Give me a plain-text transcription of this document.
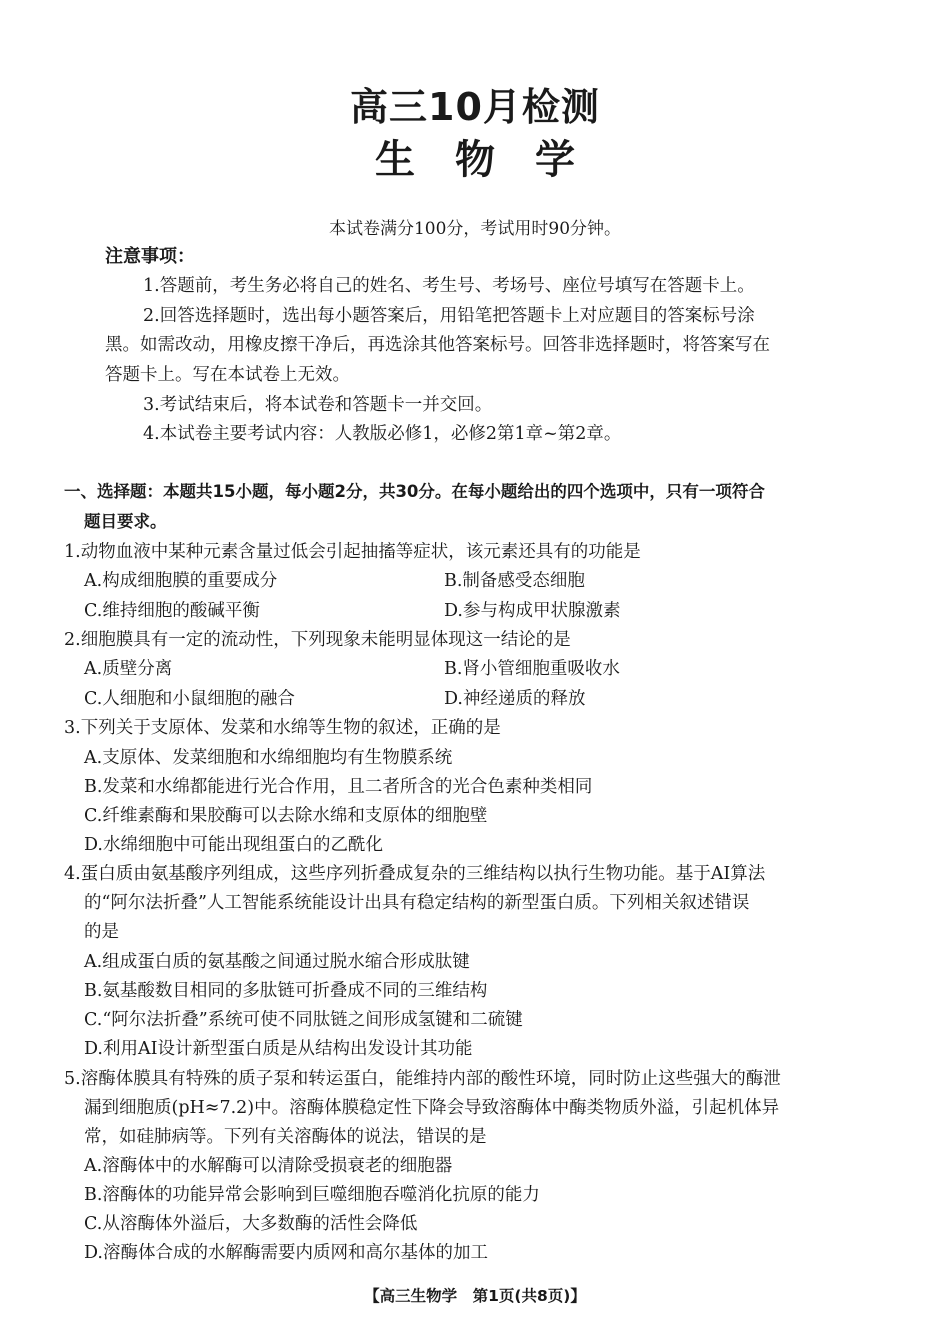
高三10月检测
生物学
本试卷满分100分，考试用时90分钟。
注意事项：
1.答题前，考生务必将自己的姓名、考生号、考场号、座位号填写在答题卡上。
2.回答选择题时，选出每小题答案后，用铅笔把答题卡上对应题目的答案标号涂
黑。如需改动，用橡皮擦干净后，再选涂其他答案标号。回答非选择题时，将答案写在
答题卡上。写在本试卷上无效。
3.考试结束后，将本试卷和答题卡一并交回。
4.本试卷主要考试内容：人教版必修1，必修2第1章~第2章。
一、选择题：本题共15小题，每小题2分，共30分。在每小题给出的四个选项中，只有一项符合
题目要求。
1.动物血液中某种元素含量过低会引起抽搐等症状，该元素还具有的功能是
A.构成细胞膜的重要成分	B.制备感受态细胞
C.维持细胞的酸碱平衡	D.参与构成甲状腺激素
2.细胞膜具有一定的流动性，下列现象未能明显体现这一结论的是
A.质壁分离	B.肾小管细胞重吸收水
C.人细胞和小鼠细胞的融合	D.神经递质的释放
3.下列关于支原体、发菜和水绵等生物的叙述，正确的是
A.支原体、发菜细胞和水绵细胞均有生物膜系统
B.发菜和水绵都能进行光合作用，且二者所含的光合色素种类相同
C.纤维素酶和果胶酶可以去除水绵和支原体的细胞壁
D.水绵细胞中可能出现组蛋白的乙酰化
4.蛋白质由氨基酸序列组成，这些序列折叠成复杂的三维结构以执行生物功能。基于AI算法
的“阿尔法折叠”人工智能系统能设计出具有稳定结构的新型蛋白质。下列相关叙述错误
的是
A.组成蛋白质的氨基酸之间通过脱水缩合形成肽键
B.氨基酸数目相同的多肽链可折叠成不同的三维结构
C.“阿尔法折叠”系统可使不同肽链之间形成氢键和二硫键
D.利用AI设计新型蛋白质是从结构出发设计其功能
5.溶酶体膜具有特殊的质子泵和转运蛋白，能维持内部的酸性环境，同时防止这些强大的酶泄
漏到细胞质(pH≈7.2)中。溶酶体膜稳定性下降会导致溶酶体中酶类物质外溢，引起机体异
常，如硅肺病等。下列有关溶酶体的说法，错误的是
A.溶酶体中的水解酶可以清除受损衰老的细胞器
B.溶酶体的功能异常会影响到巨噬细胞吞噬消化抗原的能力
C.从溶酶体外溢后，大多数酶的活性会降低
D.溶酶体合成的水解酶需要内质网和高尔基体的加工
【高三生物学　第1页(共8页)】
